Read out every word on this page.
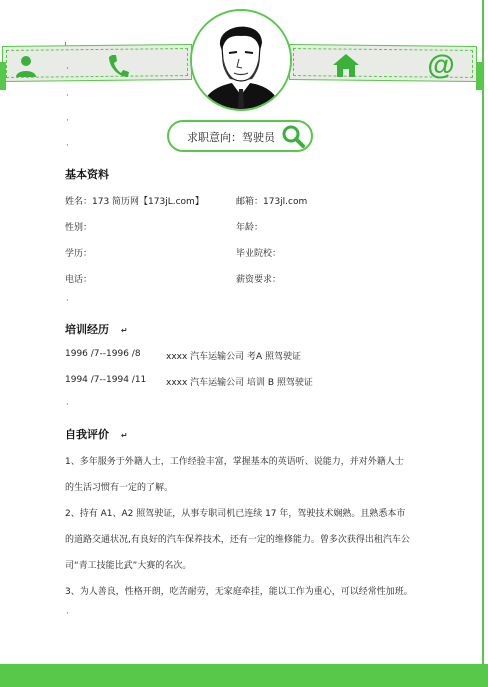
@
·
·
·
·
求职意向：驾驶员
基本资料
姓名：173 简历网【173jL.com】	邮箱：173jl.com
性别：	年龄：
学历：	毕业院校：
电话：	薪资要求：
·
培训经历 ↵
1996 /7--1996 /8	xxxx 汽车运输公司 考A 照驾驶证
1994 /7--1994 /11 xxxx 汽车运输公司 培训 B 照驾驶证
·
自我评价 ↵
1、多年服务于外籍人士，工作经验丰富，掌握基本的英语听、说能力，并对外籍人士
的生活习惯有一定的了解。
2、持有 A1、A2 照驾驶证，从事专职司机已连续 17 年，驾驶技术娴熟。且熟悉本市
的道路交通状况,有良好的汽车保养技术，还有一定的维修能力。曾多次获得出租汽车公
司“青工技能比武”大赛的名次。
3、为人善良，性格开朗，吃苦耐劳，无家庭牵挂，能以工作为重心，可以经常性加班。
·
